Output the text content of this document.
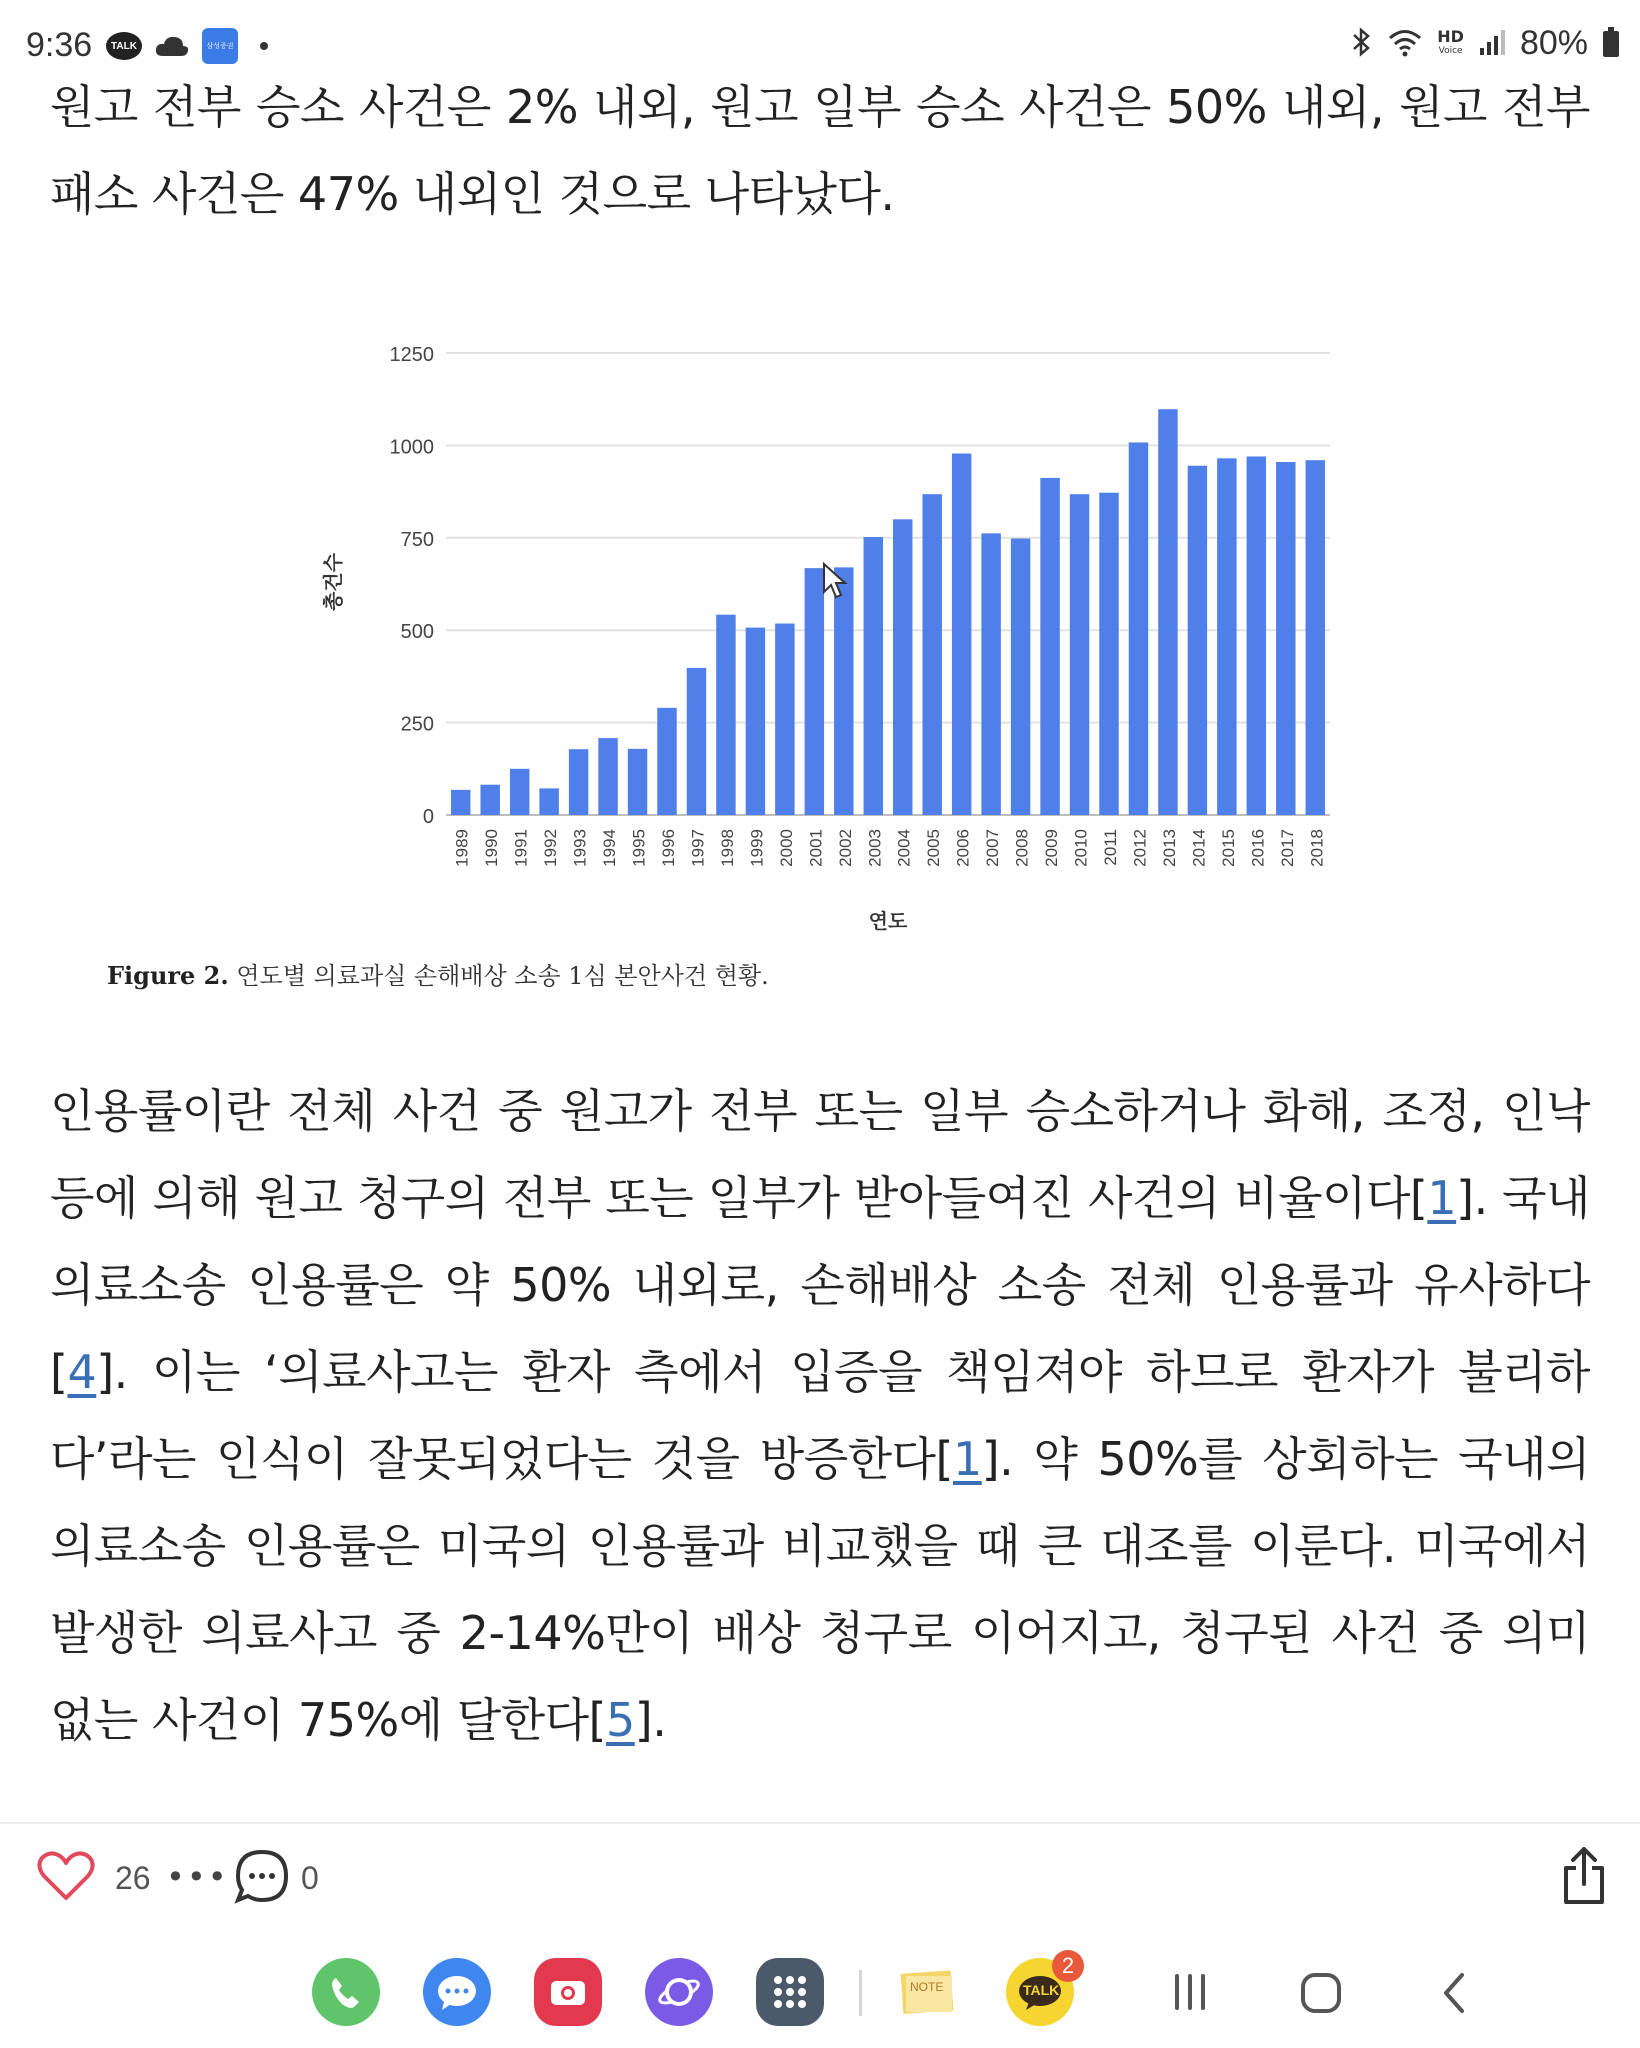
9:36	TALK	삼성증권
HD
Voice 80%
원고 전부 승소 사건은 2% 내외, 원고 일부 승소 사건은 50% 내외, 원고 전부 패소 사건은 47% 내외인 것으로 나타났다.
0
250
500
750
1000
1250
1989 1990 1991 1992 1993 1994 1995 1996 1997 1998 1999 2000 2001 2002 2003 2004 2005 2006 2007 2008 2009 2010 2011 2012 2013 2014 2015 2016 2017 2018
연도
총건수
Figure 2. 연도별 의료과실 손해배상 소송 1심 본안사건 현황.
인용률이란 전체 사건 중 원고가 전부 또는 일부 승소하거나 화해, 조정, 인낙 등에 의해 원고 청구의 전부 또는 일부가 받아들여진 사건의 비율이다[1]. 국내 의료소송 인용률은 약 50% 내외로, 손해배상 소송 전체 인용률과 유사하다[4]. 이는 ‘의료사고는 환자 측에서 입증을 책임져야 하므로 환자가 불리하다’라는 인식이 잘못되었다는 것을 방증한다[1]. 약 50%를 상회하는 국내의 의료소송 인용률은 미국의 인용률과 비교했을 때 큰 대조를 이룬다. 미국에서 발생한 의료사고 중 2-14%만이 배상 청구로 이어지고, 청구된 사건 중 의미 없는 사건이 75%에 달한다[5].
26 ••• 0
NOTE	TALK
2
